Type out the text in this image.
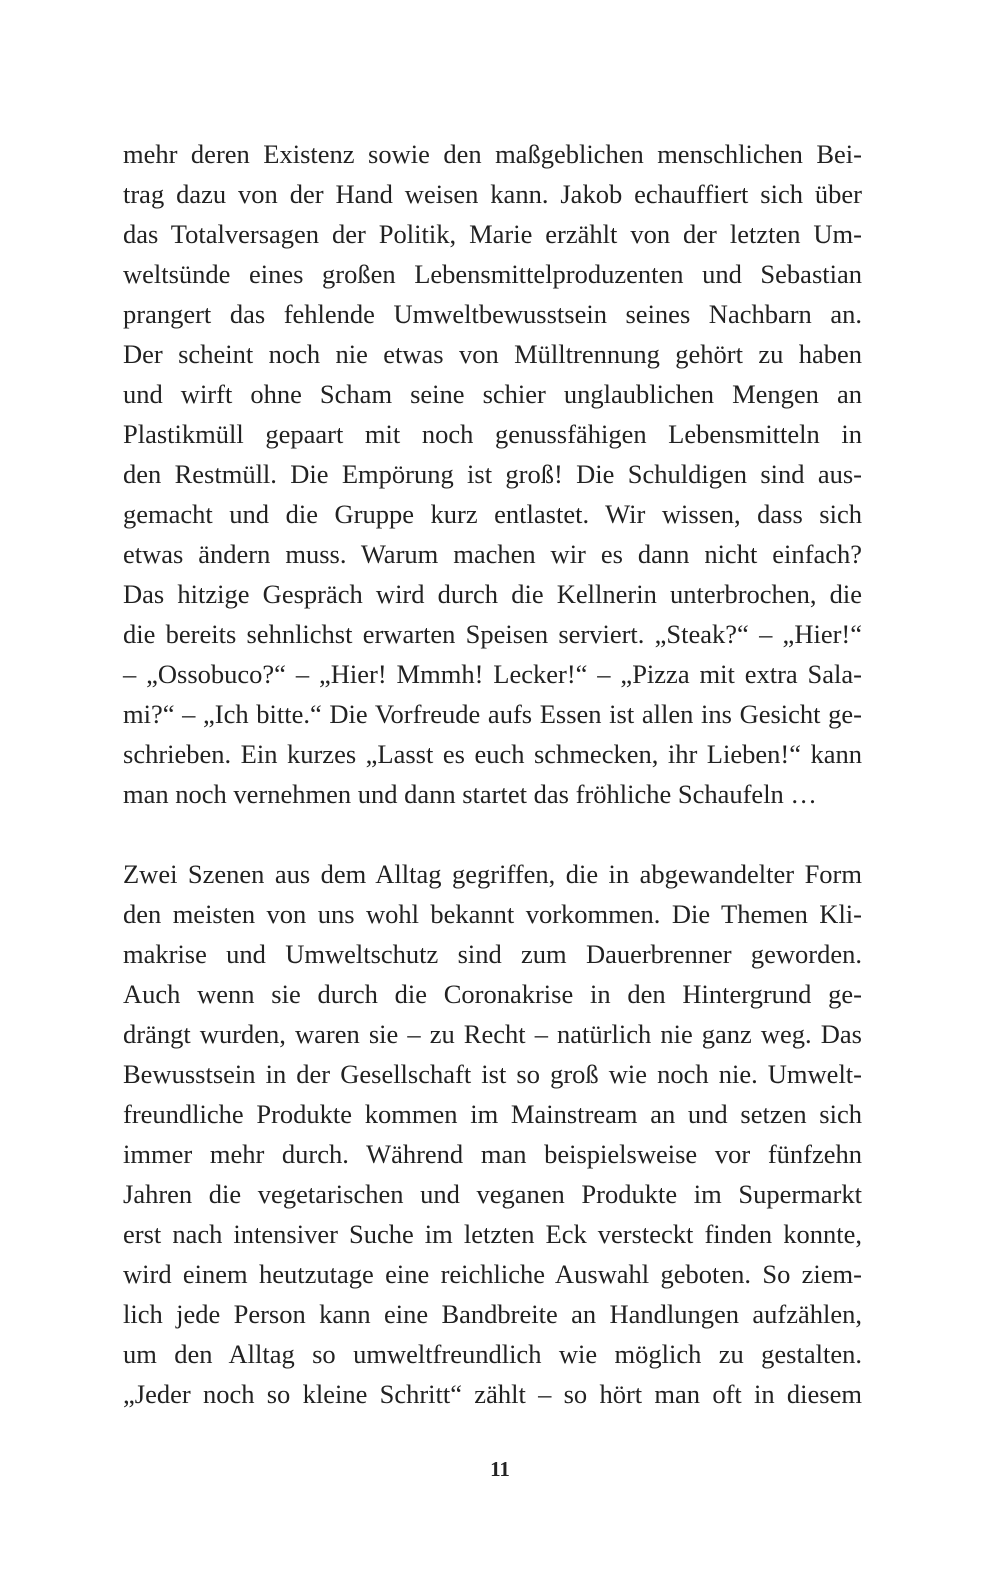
mehr deren Existenz sowie den maßgeblichen menschlichen Bei-
trag dazu von der Hand weisen kann. Jakob echauffiert sich über
das Totalversagen der Politik, Marie erzählt von der letzten Um-
weltsünde eines großen Lebensmittelproduzenten und Sebastian
prangert das fehlende Umweltbewusstsein seines Nachbarn an.
Der scheint noch nie etwas von Mülltrennung gehört zu haben
und wirft ohne Scham seine schier unglaublichen Mengen an
Plastikmüll gepaart mit noch genussfähigen Lebensmitteln in
den Restmüll. Die Empörung ist groß! Die Schuldigen sind aus-
gemacht und die Gruppe kurz entlastet. Wir wissen, dass sich
etwas ändern muss. Warum machen wir es dann nicht einfach?
Das hitzige Gespräch wird durch die Kellnerin unterbrochen, die
die bereits sehnlichst erwarten Speisen serviert. „Steak?“ – „Hier!“
– „Ossobuco?“ – „Hier! Mmmh! Lecker!“ – „Pizza mit extra Sala-
mi?“ – „Ich bitte.“ Die Vorfreude aufs Essen ist allen ins Gesicht ge-
schrieben. Ein kurzes „Lasst es euch schmecken, ihr Lieben!“ kann
man noch vernehmen und dann startet das fröhliche Schaufeln …
Zwei Szenen aus dem Alltag gegriffen, die in abgewandelter Form
den meisten von uns wohl bekannt vorkommen. Die Themen Kli-
makrise und Umweltschutz sind zum Dauerbrenner geworden.
Auch wenn sie durch die Coronakrise in den Hintergrund ge-
drängt wurden, waren sie – zu Recht – natürlich nie ganz weg. Das
Bewusstsein in der Gesellschaft ist so groß wie noch nie. Umwelt-
freundliche Produkte kommen im Mainstream an und setzen sich
immer mehr durch. Während man beispielsweise vor fünfzehn
Jahren die vegetarischen und veganen Produkte im Supermarkt
erst nach intensiver Suche im letzten Eck versteckt finden konnte,
wird einem heutzutage eine reichliche Auswahl geboten. So ziem-
lich jede Person kann eine Bandbreite an Handlungen aufzählen,
um den Alltag so umweltfreundlich wie möglich zu gestalten.
„Jeder noch so kleine Schritt“ zählt – so hört man oft in diesem
11
